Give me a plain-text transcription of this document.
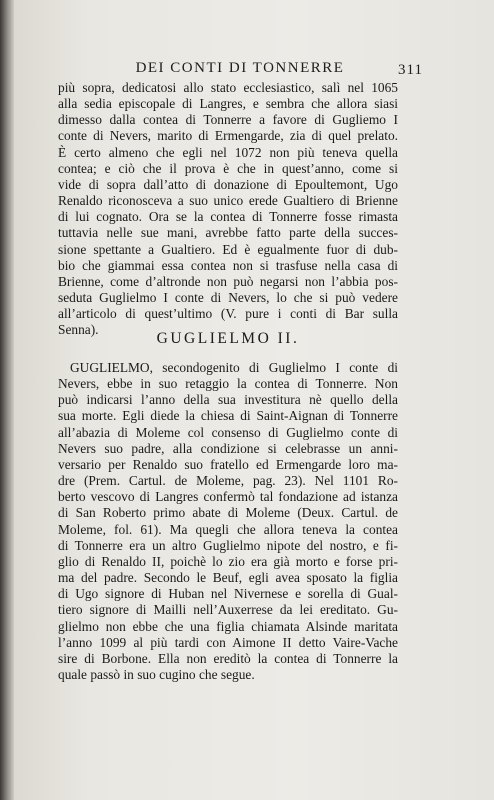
DEI CONTI DI TONNERRE	311
più sopra, dedicatosi allo stato ecclesiastico, salì nel 1065
alla sedia episcopale di Langres, e sembra che allora siasi
dimesso dalla contea di Tonnerre a favore di Gugliemo I
conte di Nevers, marito di Ermengarde, zia di quel prelato.
È certo almeno che egli nel 1072 non più teneva quella
contea; e ciò che il prova è che in quest’anno, come si
vide di sopra dall’atto di donazione di Epoultemont, Ugo
Renaldo riconosceva a suo unico erede Gualtiero di Brienne
di lui cognato. Ora se la contea di Tonnerre fosse rimasta
tuttavia nelle sue mani, avrebbe fatto parte della succes-
sione spettante a Gualtiero. Ed è egualmente fuor di dub-
bio che giammai essa contea non si trasfuse nella casa di
Brienne, come d’altronde non può negarsi non l’abbia pos-
seduta Guglielmo I conte di Nevers, lo che si può vedere
all’articolo di quest’ultimo (V. pure i conti di Bar sulla
Senna).
GUGLIELMO II.
GUGLIELMO, secondogenito di Guglielmo I conte di
Nevers, ebbe in suo retaggio la contea di Tonnerre. Non
può indicarsi l’anno della sua investitura nè quello della
sua morte. Egli diede la chiesa di Saint-Aignan di Tonnerre
all’abazia di Moleme col consenso di Guglielmo conte di
Nevers suo padre, alla condizione si celebrasse un anni-
versario per Renaldo suo fratello ed Ermengarde loro ma-
dre (Prem. Cartul. de Moleme, pag. 23). Nel 1101 Ro-
berto vescovo di Langres confermò tal fondazione ad istanza
di San Roberto primo abate di Moleme (Deux. Cartul. de
Moleme, fol. 61). Ma quegli che allora teneva la contea
di Tonnerre era un altro Guglielmo nipote del nostro, e fi-
glio di Renaldo II, poichè lo zio era già morto e forse pri-
ma del padre. Secondo le Beuf, egli avea sposato la figlia
di Ugo signore di Huban nel Nivernese e sorella di Gual-
tiero signore di Mailli nell’Auxerrese da lei ereditato. Gu-
glielmo non ebbe che una figlia chiamata Alsinde maritata
l’anno 1099 al più tardi con Aimone II detto Vaire-Vache
sire di Borbone. Ella non ereditò la contea di Tonnerre la
quale passò in suo cugino che segue.
